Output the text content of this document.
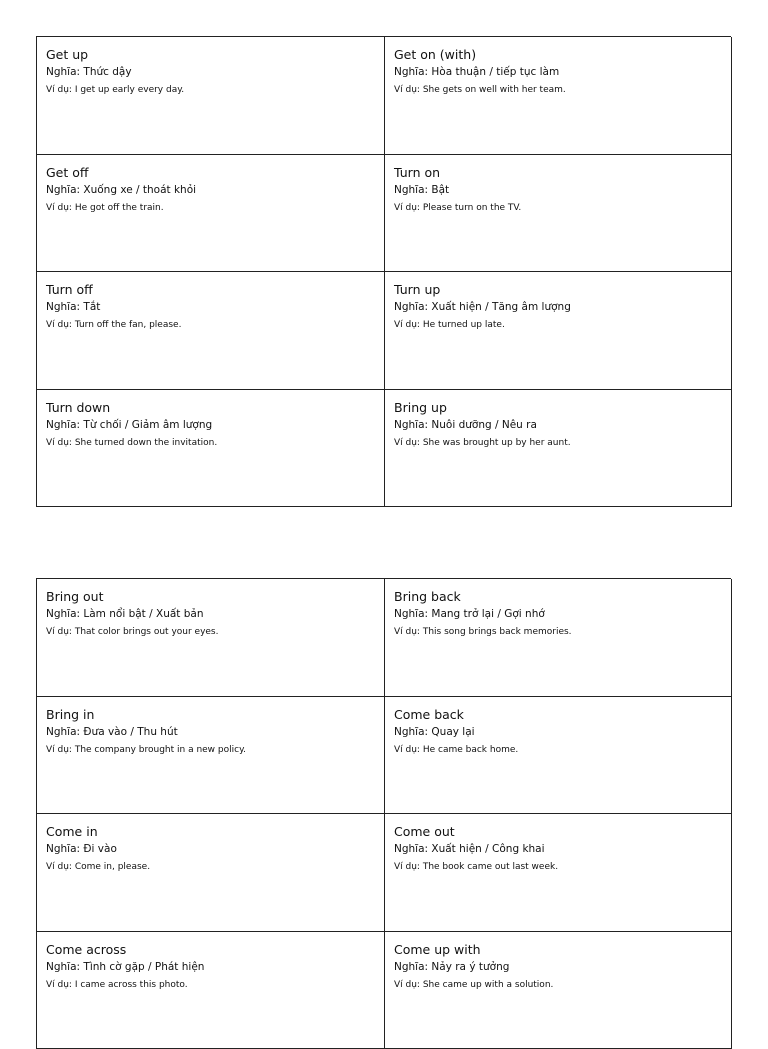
Get up

Nghĩa: Thức dậy

Ví dụ: I get up early every day.

Get on (with)

Nghĩa: Hòa thuận / tiếp tục làm

Ví dụ: She gets on well with her team.

Get off

Nghĩa: Xuống xe / thoát khỏi

Ví dụ: He got off the train.

Turn on

Nghĩa: Bật

Ví dụ: Please turn on the TV.

Turn off

Nghĩa: Tắt

Ví dụ: Turn off the fan, please.

Turn up

Nghĩa: Xuất hiện / Tăng âm lượng

Ví dụ: He turned up late.

Turn down

Nghĩa: Từ chối / Giảm âm lượng

Ví dụ: She turned down the invitation.

Bring up

Nghĩa: Nuôi dưỡng / Nêu ra

Ví dụ: She was brought up by her aunt.

Bring out

Nghĩa: Làm nổi bật / Xuất bản

Ví dụ: That color brings out your eyes.

Bring back

Nghĩa: Mang trở lại / Gợi nhớ

Ví dụ: This song brings back memories.

Bring in

Nghĩa: Đưa vào / Thu hút

Ví dụ: The company brought in a new policy.

Come back

Nghĩa: Quay lại

Ví dụ: He came back home.

Come in

Nghĩa: Đi vào

Ví dụ: Come in, please.

Come out

Nghĩa: Xuất hiện / Công khai

Ví dụ: The book came out last week.

Come across

Nghĩa: Tình cờ gặp / Phát hiện

Ví dụ: I came across this photo.

Come up with

Nghĩa: Nảy ra ý tưởng

Ví dụ: She came up with a solution.
